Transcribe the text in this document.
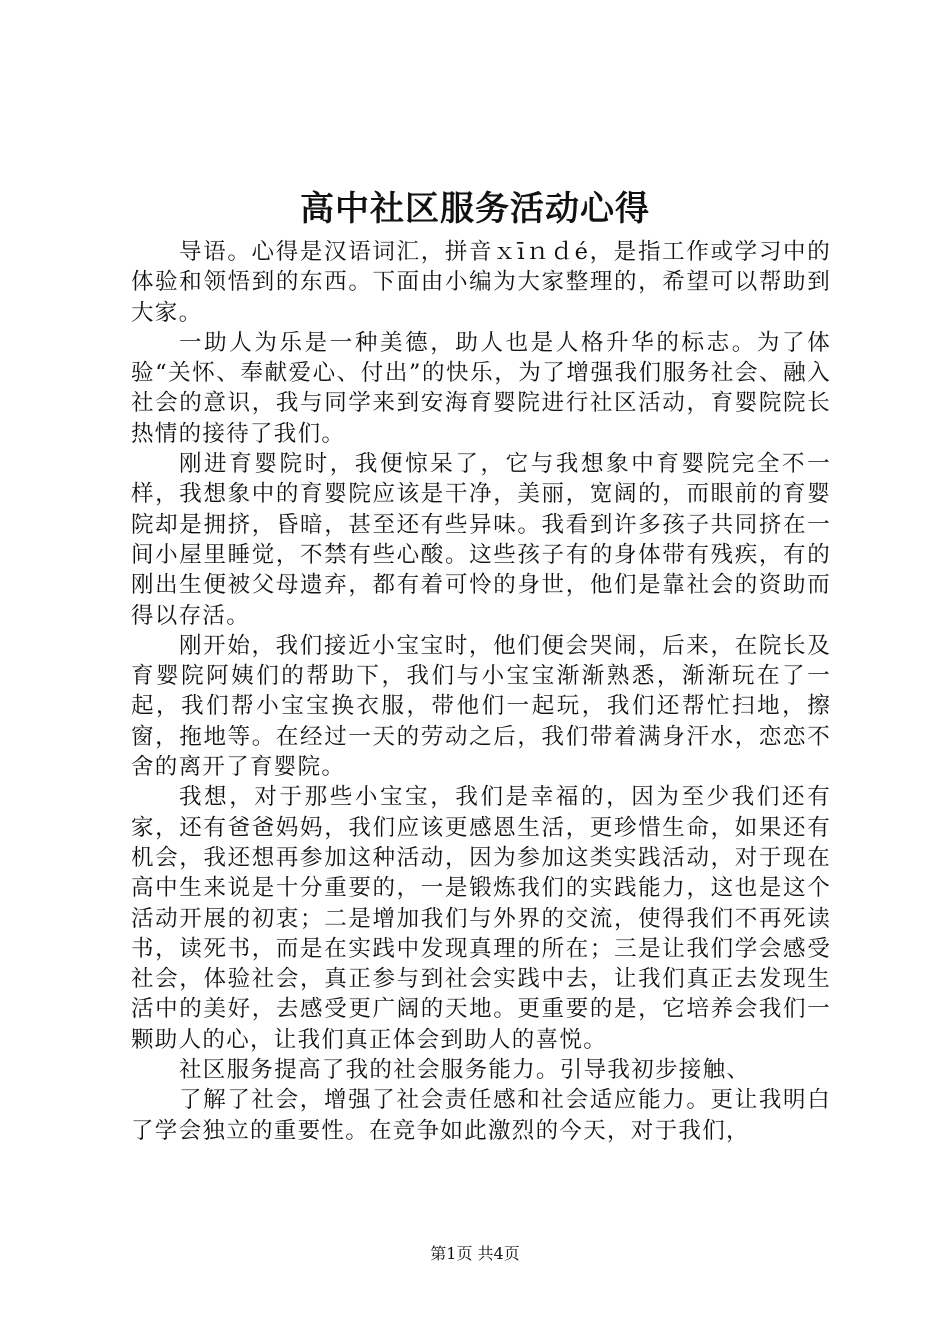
高中社区服务活动心得

导语。心得是汉语词汇，拼音ｘīｎｄé，是指工作或学习中的体验和领悟到的东西。下面由小编为大家整理的，希望可以帮助到大家。

一助人为乐是一种美德，助人也是人格升华的标志。为了体验“关怀、奉献爱心、付出”的快乐，为了增强我们服务社会、融入社会的意识，我与同学来到安海育婴院进行社区活动，育婴院院长热情的接待了我们。

刚进育婴院时，我便惊呆了，它与我想象中育婴院完全不一样，我想象中的育婴院应该是干净，美丽，宽阔的，而眼前的育婴院却是拥挤，昏暗，甚至还有些异味。我看到许多孩子共同挤在一间小屋里睡觉，不禁有些心酸。这些孩子有的身体带有残疾，有的刚出生便被父母遗弃，都有着可怜的身世，他们是靠社会的资助而得以存活。

刚开始，我们接近小宝宝时，他们便会哭闹，后来，在院长及育婴院阿姨们的帮助下，我们与小宝宝渐渐熟悉，渐渐玩在了一起，我们帮小宝宝换衣服，带他们一起玩，我们还帮忙扫地，擦窗，拖地等。在经过一天的劳动之后，我们带着满身汗水，恋恋不舍的离开了育婴院。

我想，对于那些小宝宝，我们是幸福的，因为至少我们还有家，还有爸爸妈妈，我们应该更感恩生活，更珍惜生命，如果还有机会，我还想再参加这种活动，因为参加这类实践活动，对于现在高中生来说是十分重要的，一是锻炼我们的实践能力，这也是这个活动开展的初衷；二是增加我们与外界的交流，使得我们不再死读书，读死书，而是在实践中发现真理的所在；三是让我们学会感受社会，体验社会，真正参与到社会实践中去，让我们真正去发现生活中的美好，去感受更广阔的天地。更重要的是，它培养会我们一颗助人的心，让我们真正体会到助人的喜悦。

社区服务提高了我的社会服务能力。引导我初步接触、

了解了社会，增强了社会责任感和社会适应能力。更让我明白了学会独立的重要性。在竞争如此激烈的今天，对于我们，

第1页 共4页
